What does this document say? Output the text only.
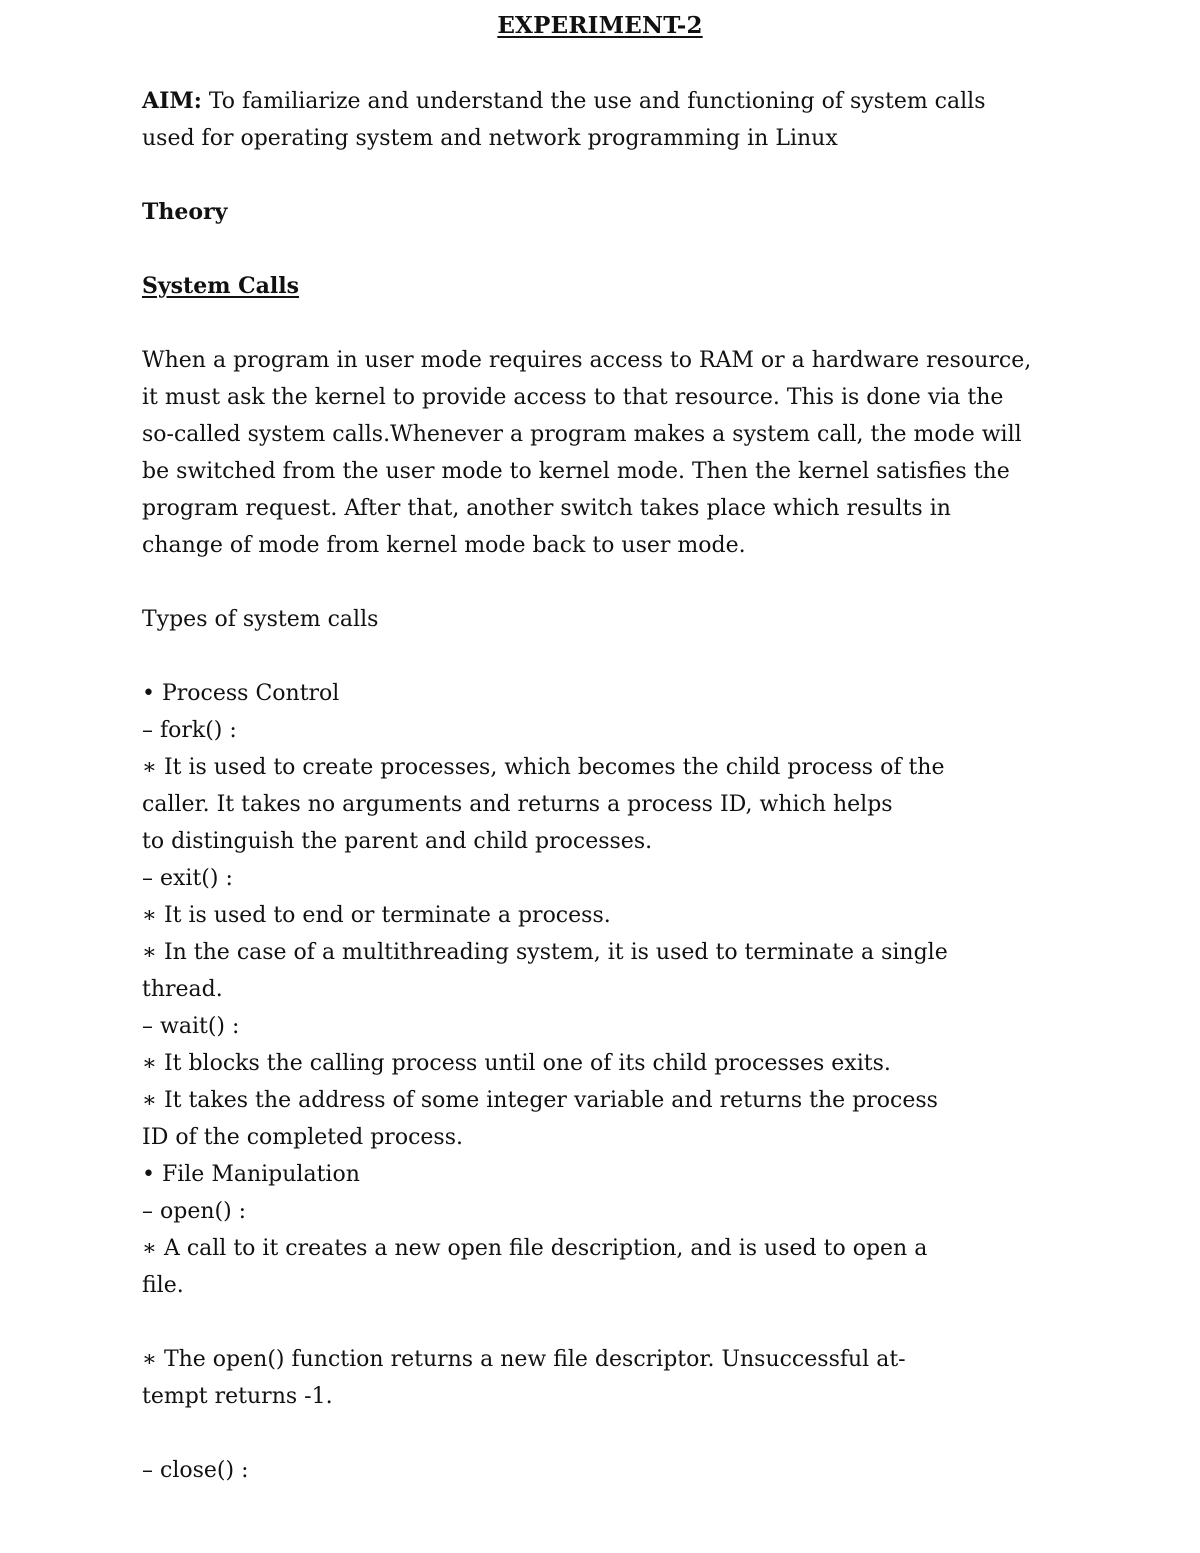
EXPERIMENT-2
AIM: To familiarize and understand the use and functioning of system calls
used for operating system and network programming in Linux
Theory
System Calls
When a program in user mode requires access to RAM or a hardware resource,
it must ask the kernel to provide access to that resource. This is done via the
so-called system calls.Whenever a program makes a system call, the mode will
be switched from the user mode to kernel mode. Then the kernel satisfies the
program request. After that, another switch takes place which results in
change of mode from kernel mode back to user mode.
Types of system calls
• Process Control
– fork() :
∗ It is used to create processes, which becomes the child process of the
caller. It takes no arguments and returns a process ID, which helps
to distinguish the parent and child processes.
– exit() :
∗ It is used to end or terminate a process.
∗ In the case of a multithreading system, it is used to terminate a single
thread.
– wait() :
∗ It blocks the calling process until one of its child processes exits.
∗ It takes the address of some integer variable and returns the process
ID of the completed process.
• File Manipulation
– open() :
∗ A call to it creates a new open file description, and is used to open a
file.
∗ The open() function returns a new file descriptor. Unsuccessful at-
tempt returns -1.
– close() :
